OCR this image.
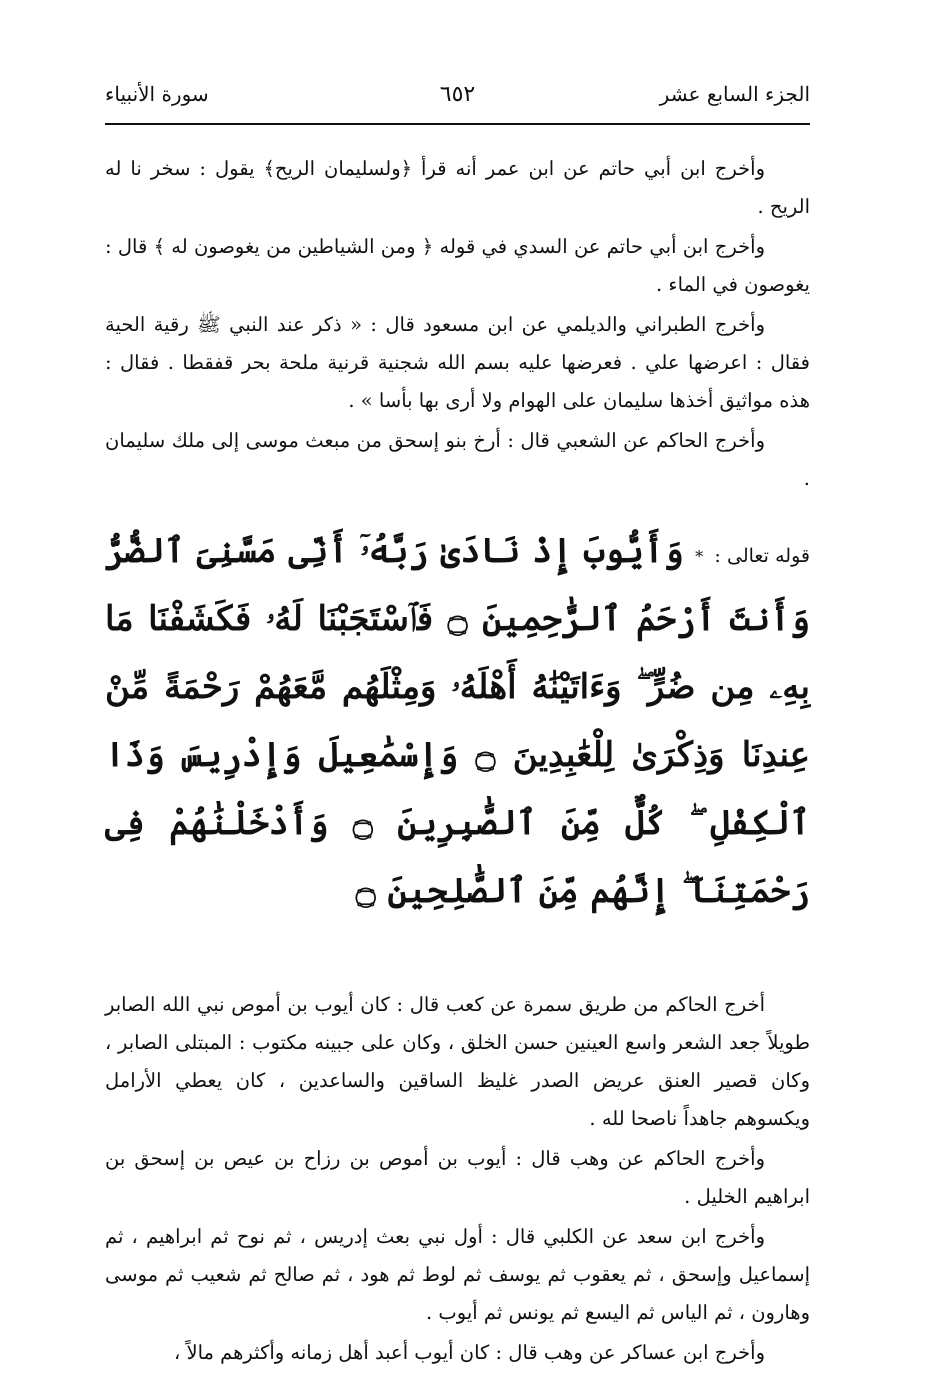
الجزء السابع عشر
٦٥٢
سورة الأنبياء

وأخرج ابن أبي حاتم عن ابن عمر أنه قرأ ﴿ولسليمان الريح﴾ يقول : سخر نا له الريح .

وأخرج ابن أبي حاتم عن السدي في قوله ﴿ ومن الشياطين من يغوصون له ﴾ قال : يغوصون في الماء .

وأخرج الطبراني والديلمي عن ابن مسعود قال : « ذكر عند النبي ﷺ رقية الحية فقال : اعرضها علي . فعرضها عليه بسم الله شجنية قرنية ملحة بحر قفقطا . فقال : هذه مواثيق أخذها سليمان على الهوام ولا أرى بها بأسا » .

وأخرج الحاكم عن الشعبي قال : أرخ بنو إسحق من مبعث موسى إلى ملك سليمان .

قوله تعالى : * وَأَيُّوبَ إِذْ نَادَىٰ رَبَّهُۥٓ أَنِّى مَسَّنِىَ ٱلضُّرُّ وَأَنتَ أَرْحَمُ ٱلرَّٰحِمِينَ ۝ فَٱسْتَجَبْنَا لَهُۥ فَكَشَفْنَا مَا بِهِۦ مِن ضُرٍّ ۖ وَءَاتَيْنَٰهُ أَهْلَهُۥ وَمِثْلَهُم مَّعَهُمْ رَحْمَةً مِّنْ عِندِنَا وَذِكْرَىٰ لِلْعَٰبِدِينَ ۝ وَإِسْمَٰعِيلَ وَإِدْرِيسَ وَذَا ٱلْكِفْلِ ۖ كُلٌّ مِّنَ ٱلصَّٰبِرِينَ ۝ وَأَدْخَلْنَٰهُمْ فِى رَحْمَتِنَآ ۖ إِنَّهُم مِّنَ ٱلصَّٰلِحِينَ ۝

أخرج الحاكم من طريق سمرة عن كعب قال : كان أيوب بن أموص نبي الله الصابر طويلاً جعد الشعر واسع العينين حسن الخلق ، وكان على جبينه مكتوب : المبتلى الصابر ، وكان قصير العنق عريض الصدر غليظ الساقين والساعدين ، كان يعطي الأرامل ويكسوهم جاهداً ناصحا لله .

وأخرج الحاكم عن وهب قال : أيوب بن أموص بن رزاح بن عيص بن إسحق بن ابراهيم الخليل .

وأخرج ابن سعد عن الكلبي قال : أول نبي بعث إدريس ، ثم نوح ثم ابراهيم ، ثم إسماعيل وإسحق ، ثم يعقوب ثم يوسف ثم لوط ثم هود ، ثم صالح ثم شعيب ثم موسى وهارون ، ثم الياس ثم اليسع ثم يونس ثم أيوب .

وأخرج ابن عساكر عن وهب قال : كان أيوب أعبد أهل زمانه وأكثرهم مالاً ،
